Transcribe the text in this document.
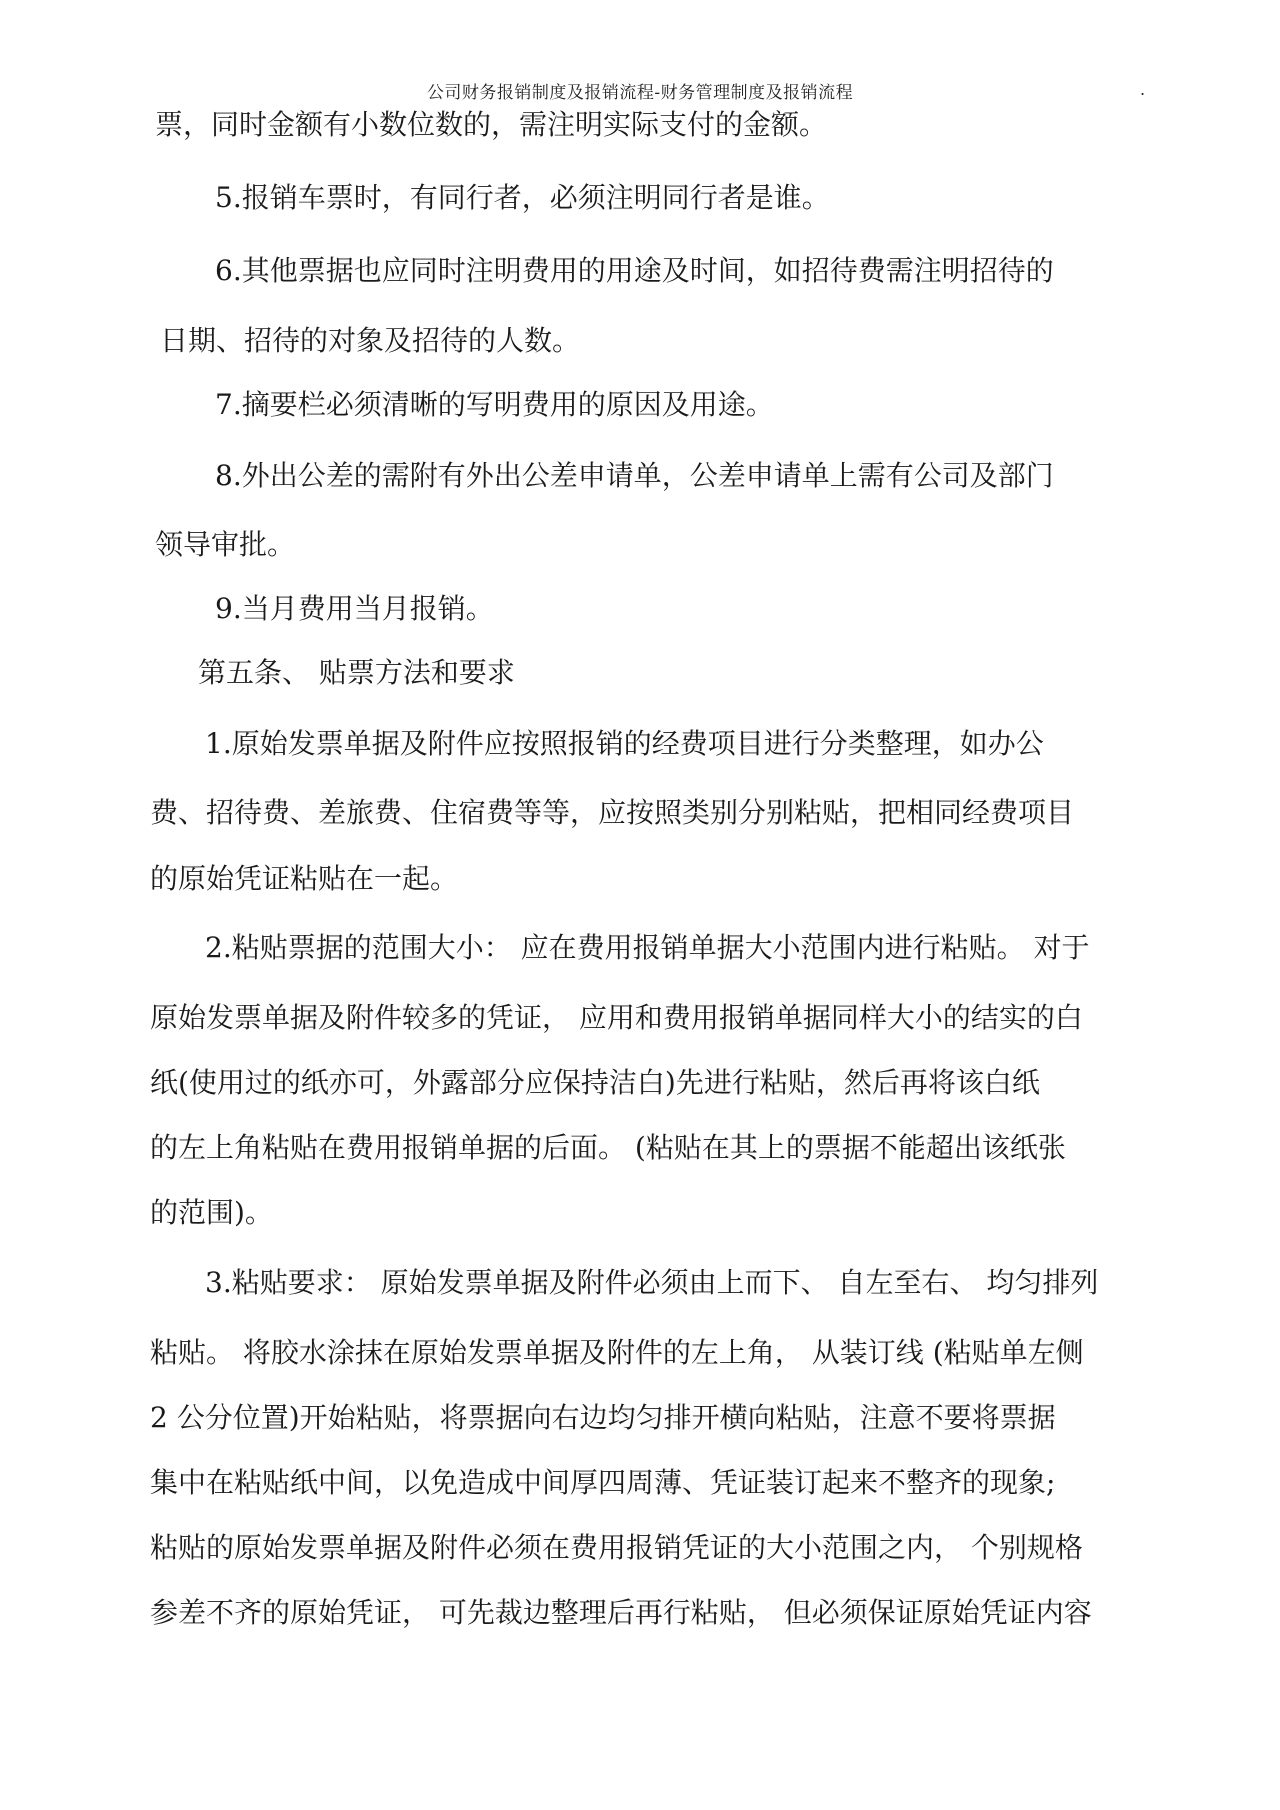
公司财务报销制度及报销流程-财务管理制度及报销流程	.
票，同时金额有小数位数的，需注明实际支付的金额。
5.报销车票时，有同行者，必须注明同行者是谁。
6.其他票据也应同时注明费用的用途及时间，如招待费需注明招待的
日期、招待的对象及招待的人数。
7.摘要栏必须清晰的写明费用的原因及用途。
8.外出公差的需附有外出公差申请单，公差申请单上需有公司及部门
领导审批。
9.当月费用当月报销。
第五条、 贴票方法和要求
1.原始发票单据及附件应按照报销的经费项目进行分类整理，如办公
费、招待费、差旅费、住宿费等等，应按照类别分别粘贴，把相同经费项目
的原始凭证粘贴在一起。
2.粘贴票据的范围大小： 应在费用报销单据大小范围内进行粘贴。 对于
原始发票单据及附件较多的凭证， 应用和费用报销单据同样大小的结实的白
纸(使用过的纸亦可，外露部分应保持洁白)先进行粘贴，然后再将该白纸
的左上角粘贴在费用报销单据的后面。 (粘贴在其上的票据不能超出该纸张
的范围)。
3.粘贴要求： 原始发票单据及附件必须由上而下、 自左至右、 均匀排列
粘贴。 将胶水涂抹在原始发票单据及附件的左上角， 从装订线 (粘贴单左侧
2 公分位置)开始粘贴，将票据向右边均匀排开横向粘贴，注意不要将票据
集中在粘贴纸中间，以免造成中间厚四周薄、凭证装订起来不整齐的现象;
粘贴的原始发票单据及附件必须在费用报销凭证的大小范围之内， 个别规格
参差不齐的原始凭证， 可先裁边整理后再行粘贴， 但必须保证原始凭证内容
